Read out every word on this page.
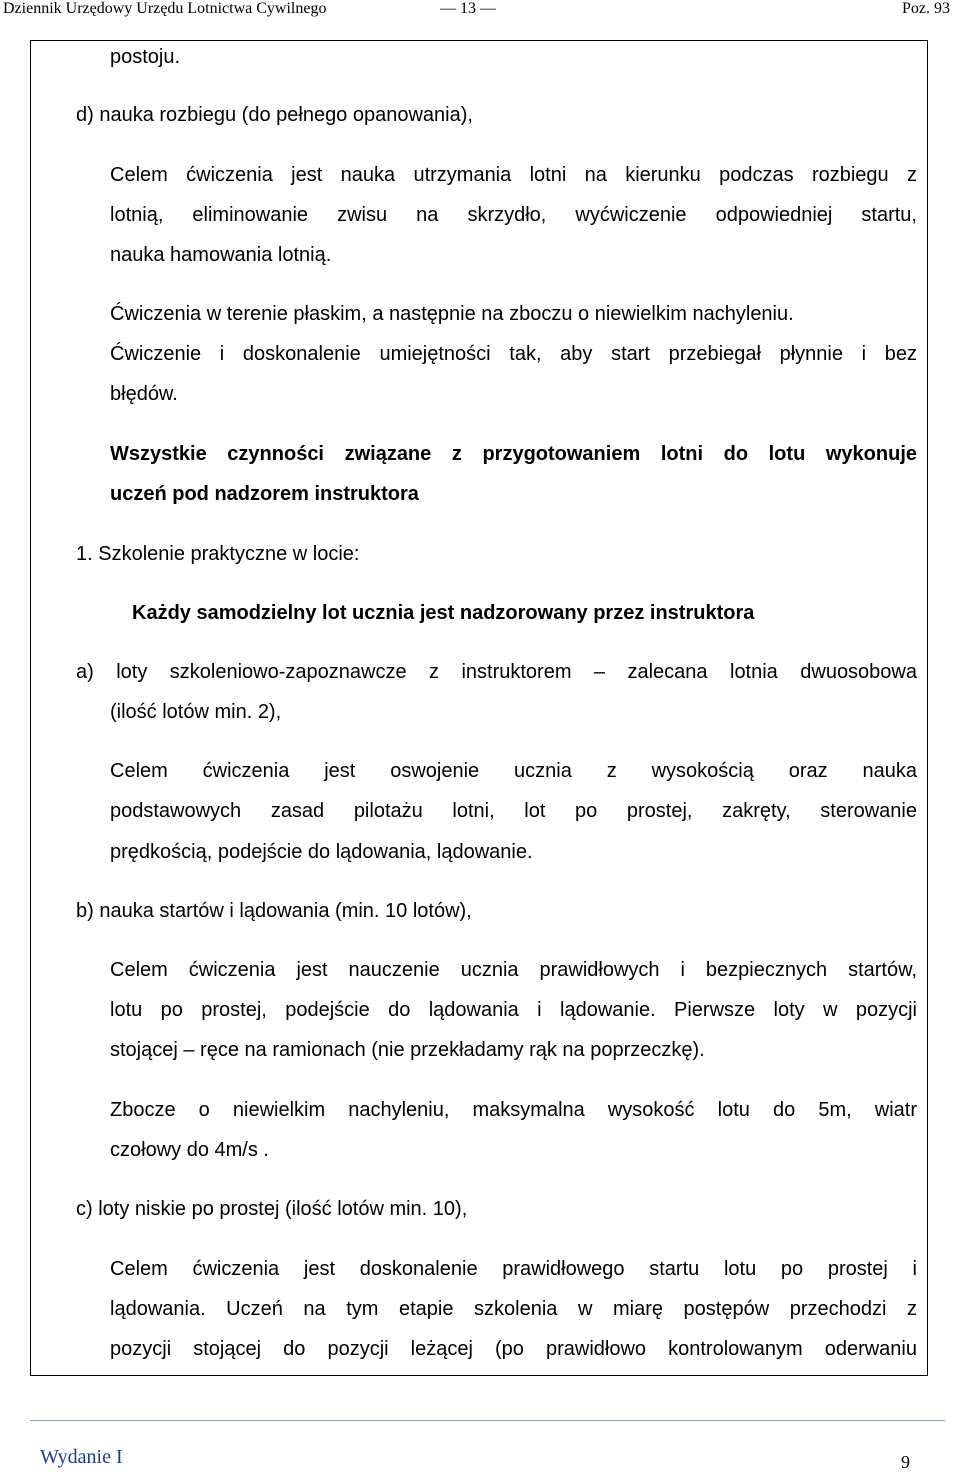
Dziennik Urzędowy Urzędu Lotnictwa Cywilnego	— 13 —	Poz. 93

postoju.

d) nauka rozbiegu (do pełnego opanowania),

Celem ćwiczenia jest nauka utrzymania lotni na kierunku podczas rozbiegu z

lotnią, eliminowanie zwisu na skrzydło, wyćwiczenie odpowiedniej startu,

nauka hamowania lotnią.

Ćwiczenia w terenie płaskim, a następnie na zboczu o niewielkim nachyleniu.

Ćwiczenie i doskonalenie umiejętności tak, aby start przebiegał płynnie i bez

błędów.

Wszystkie czynności związane z przygotowaniem lotni do lotu wykonuje

uczeń pod nadzorem instruktora

1. Szkolenie praktyczne w locie:

Każdy samodzielny lot ucznia jest nadzorowany przez instruktora

a) loty szkoleniowo-zapoznawcze z instruktorem – zalecana lotnia dwuosobowa

(ilość lotów min. 2),

Celem ćwiczenia jest oswojenie ucznia z wysokością oraz nauka

podstawowych zasad pilotażu lotni, lot po prostej, zakręty, sterowanie

prędkością, podejście do lądowania, lądowanie.

b) nauka startów i lądowania (min. 10 lotów),

Celem ćwiczenia jest nauczenie ucznia prawidłowych i bezpiecznych startów,

lotu po prostej, podejście do lądowania i lądowanie. Pierwsze loty w pozycji

stojącej – ręce na ramionach (nie przekładamy rąk na poprzeczkę).

Zbocze o niewielkim nachyleniu, maksymalna wysokość lotu do 5m, wiatr

czołowy do 4m/s .

c) loty niskie po prostej (ilość lotów min. 10),

Celem ćwiczenia jest doskonalenie prawidłowego startu lotu po prostej i

lądowania. Uczeń na tym etapie szkolenia w miarę postępów przechodzi z

pozycji stojącej do pozycji leżącej (po prawidłowo kontrolowanym oderwaniu

Wydanie I	9
